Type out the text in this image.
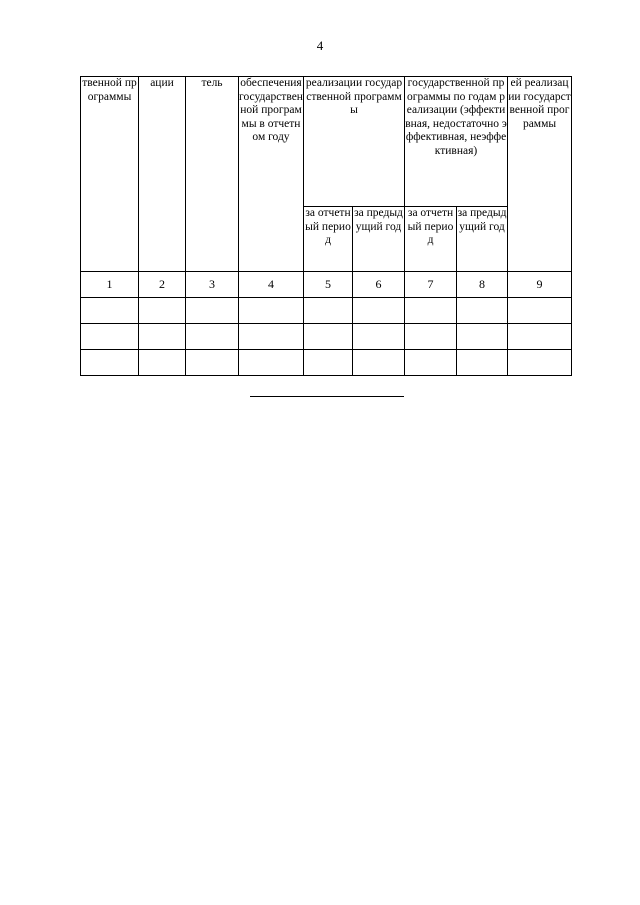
4
твенной программы	ации	тель	обеспечения государственной программы в отчетном году	реализации государственной программы		государственной программы по годам реализации (эффективная, недостаточно эффективная, неэффективная)		ей реализации государственной программы
				за отчетный период	за предыдущий год	за отчетный период	за предыдущий год	
1	2	3	4	5	6	7	8	9
